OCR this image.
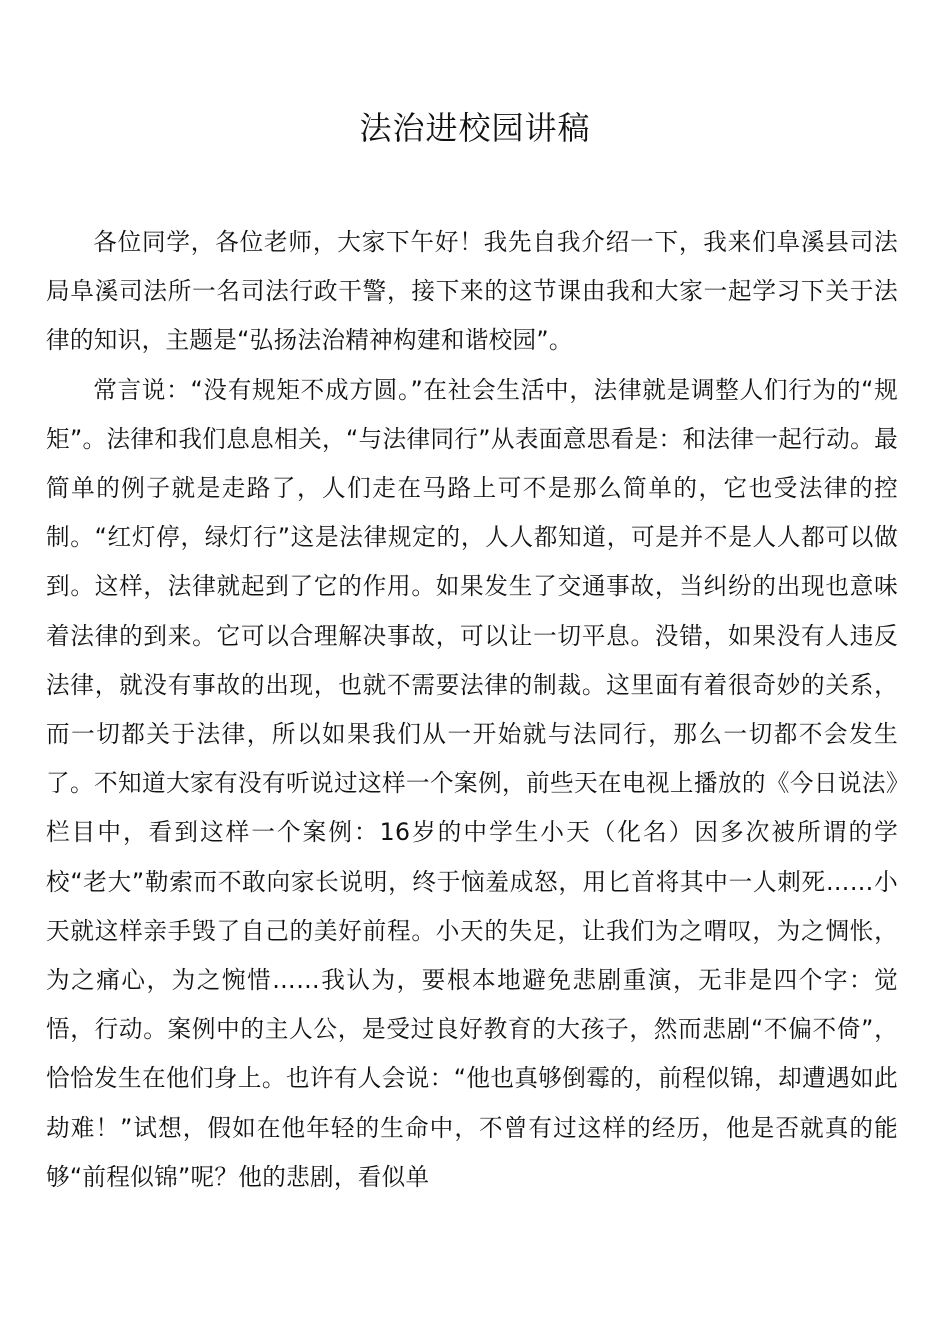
法治进校园讲稿

各位同学，各位老师，大家下午好！我先自我介绍一下，我来们阜溪县司法局阜溪司法所一名司法行政干警，接下来的这节课由我和大家一起学习下关于法律的知识，主题是“弘扬法治精神构建和谐校园”。

常言说：“没有规矩不成方圆。”在社会生活中，法律就是调整人们行为的“规矩”。法律和我们息息相关，“与法律同行”从表面意思看是：和法律一起行动。最简单的例子就是走路了，人们走在马路上可不是那么简单的，它也受法律的控制。“红灯停，绿灯行”这是法律规定的，人人都知道，可是并不是人人都可以做到。这样，法律就起到了它的作用。如果发生了交通事故，当纠纷的出现也意味着法律的到来。它可以合理解决事故，可以让一切平息。没错，如果没有人违反法律，就没有事故的出现，也就不需要法律的制裁。这里面有着很奇妙的关系，而一切都关于法律，所以如果我们从一开始就与法同行，那么一切都不会发生了。不知道大家有没有听说过这样一个案例，前些天在电视上播放的《今日说法》栏目中，看到这样一个案例：16岁的中学生小天（化名）因多次被所谓的学校“老大”勒索而不敢向家长说明，终于恼羞成怒，用匕首将其中一人刺死……小天就这样亲手毁了自己的美好前程。小天的失足，让我们为之喟叹，为之惆怅，为之痛心，为之惋惜……我认为，要根本地避免悲剧重演，无非是四个字：觉悟，行动。案例中的主人公，是受过良好教育的大孩子，然而悲剧“不偏不倚”，恰恰发生在他们身上。也许有人会说：“他也真够倒霉的，前程似锦，却遭遇如此劫难！”试想，假如在他年轻的生命中，不曾有过这样的经历，他是否就真的能够“前程似锦”呢？他的悲剧，看似单
